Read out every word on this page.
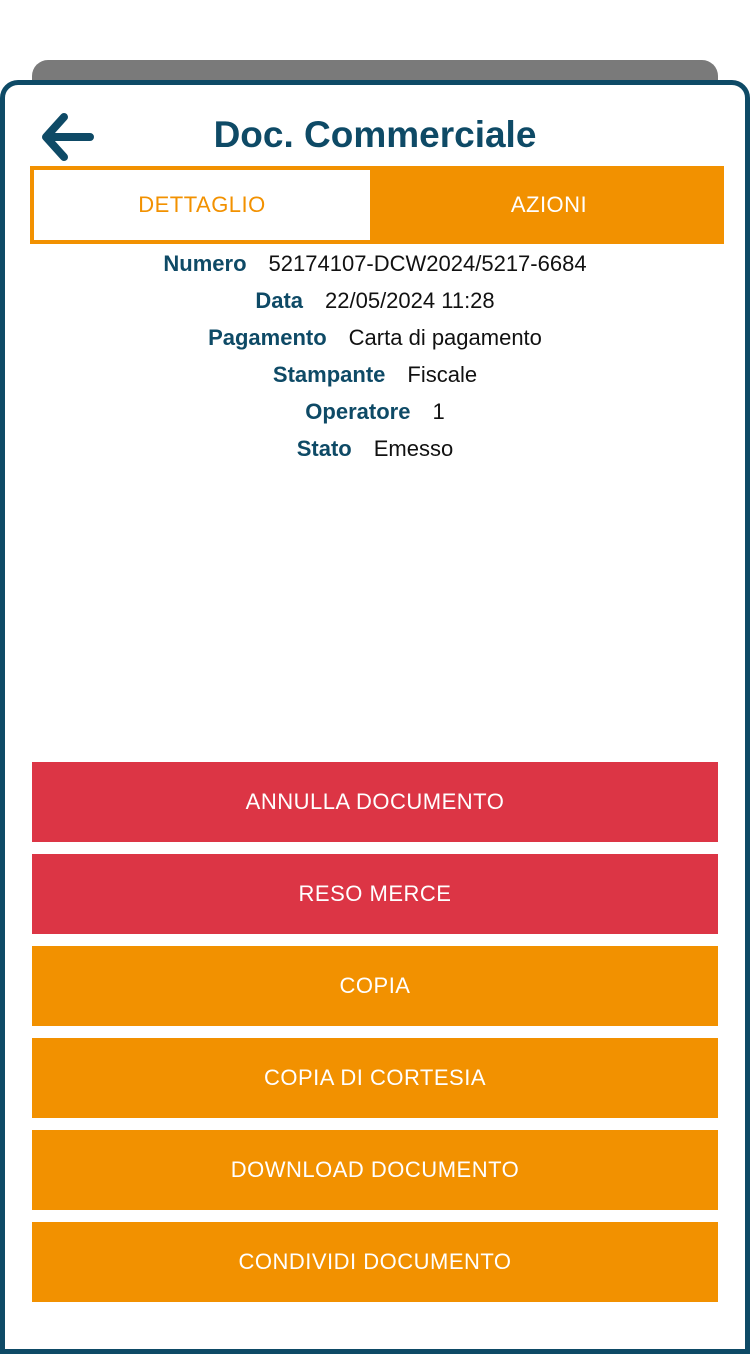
Doc. Commerciale
DETTAGLIO	AZIONI
Numero 52174107-DCW2024/5217-6684
Data 22/05/2024 11:28
Pagamento Carta di pagamento
Stampante Fiscale
Operatore 1
Stato Emesso
ANNULLA DOCUMENTO
RESO MERCE
COPIA
COPIA DI CORTESIA
DOWNLOAD DOCUMENTO
CONDIVIDI DOCUMENTO
